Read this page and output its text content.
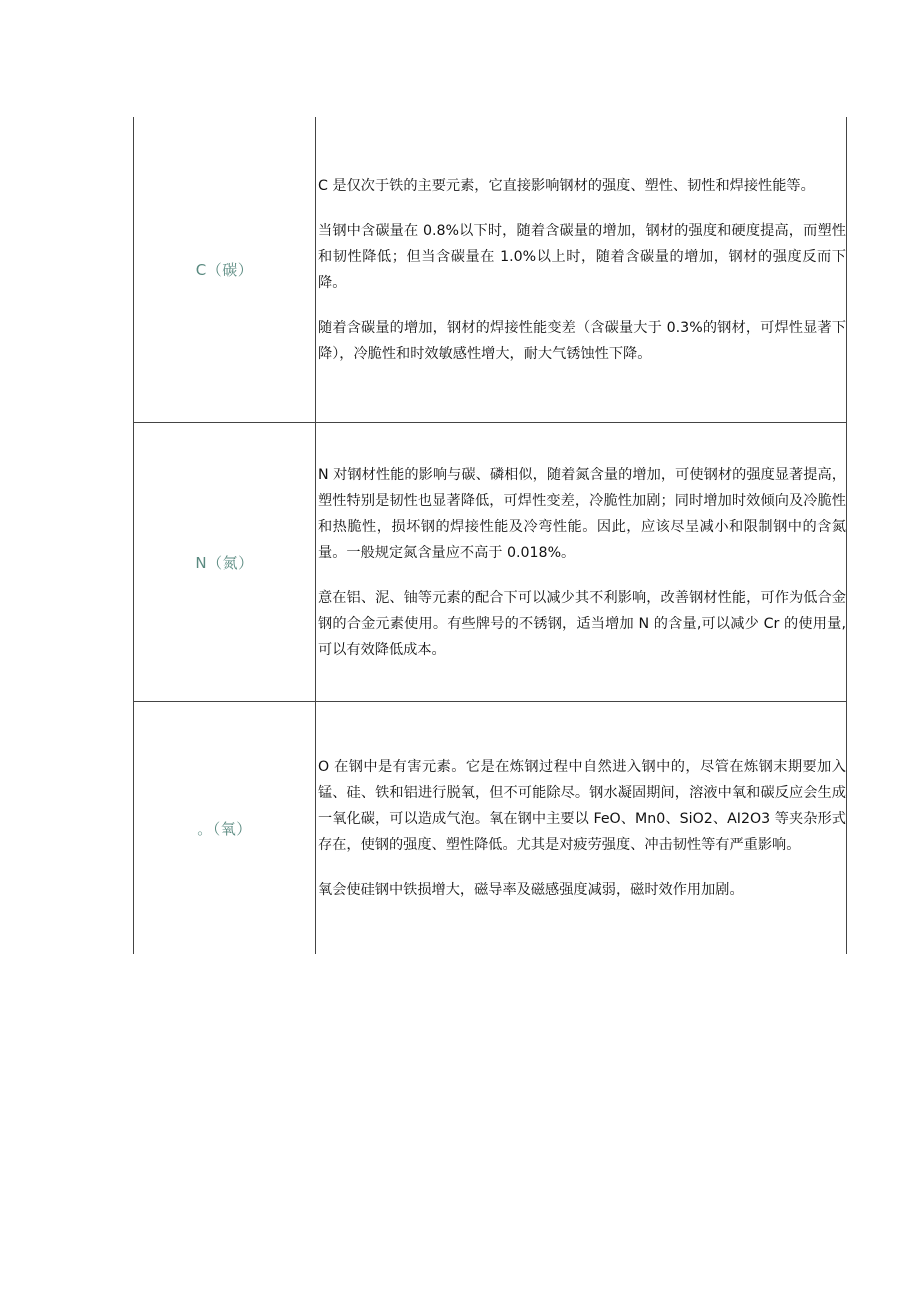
C（碳）	C 是仅次于铁的主要元素，它直接影响钢材的强度、塑性、韧性和焊接性能等。

当钢中含碳量在 0.8%以下时，随着含碳量的增加，钢材的强度和硬度提高，而塑性和韧性降低；但当含碳量在 1.0%以上时，随着含碳量的增加，钢材的强度反而下降。

随着含碳量的增加，钢材的焊接性能变差（含碳量大于 0.3%的钢材，可焊性显著下降），冷脆性和时效敏感性增大，耐大气锈蚀性下降。

N（氮）	N 对钢材性能的影响与碳、磷相似，随着氮含量的增加，可使钢材的强度显著提高，塑性特别是韧性也显著降低，可焊性变差，冷脆性加剧；同时增加时效倾向及冷脆性和热脆性，损坏钢的焊接性能及冷弯性能。因此，应该尽呈减小和限制钢中的含氮量。一般规定氮含量应不高于 0.018%。

意在铝、泥、铀等元素的配合下可以减少其不利影响，改善钢材性能，可作为低合金钢的合金元素使用。有些牌号的不锈钢，适当增加 N 的含量,可以减少 Cr 的使用量,可以有效降低成本。

。（氧）	O 在钢中是有害元素。它是在炼钢过程中自然进入钢中的，尽管在炼钢末期要加入锰、硅、铁和铝进行脱氧，但不可能除尽。钢水凝固期间，溶液中氧和碳反应会生成一氧化碳，可以造成气泡。氧在钢中主要以 FeO、Mn0、SiO2、AI2O3 等夹杂形式存在，使钢的强度、塑性降低。尤其是对疲劳强度、冲击韧性等有严重影响。

氧会使硅钢中铁损增大，磁导率及磁感强度减弱，磁时效作用加剧。
